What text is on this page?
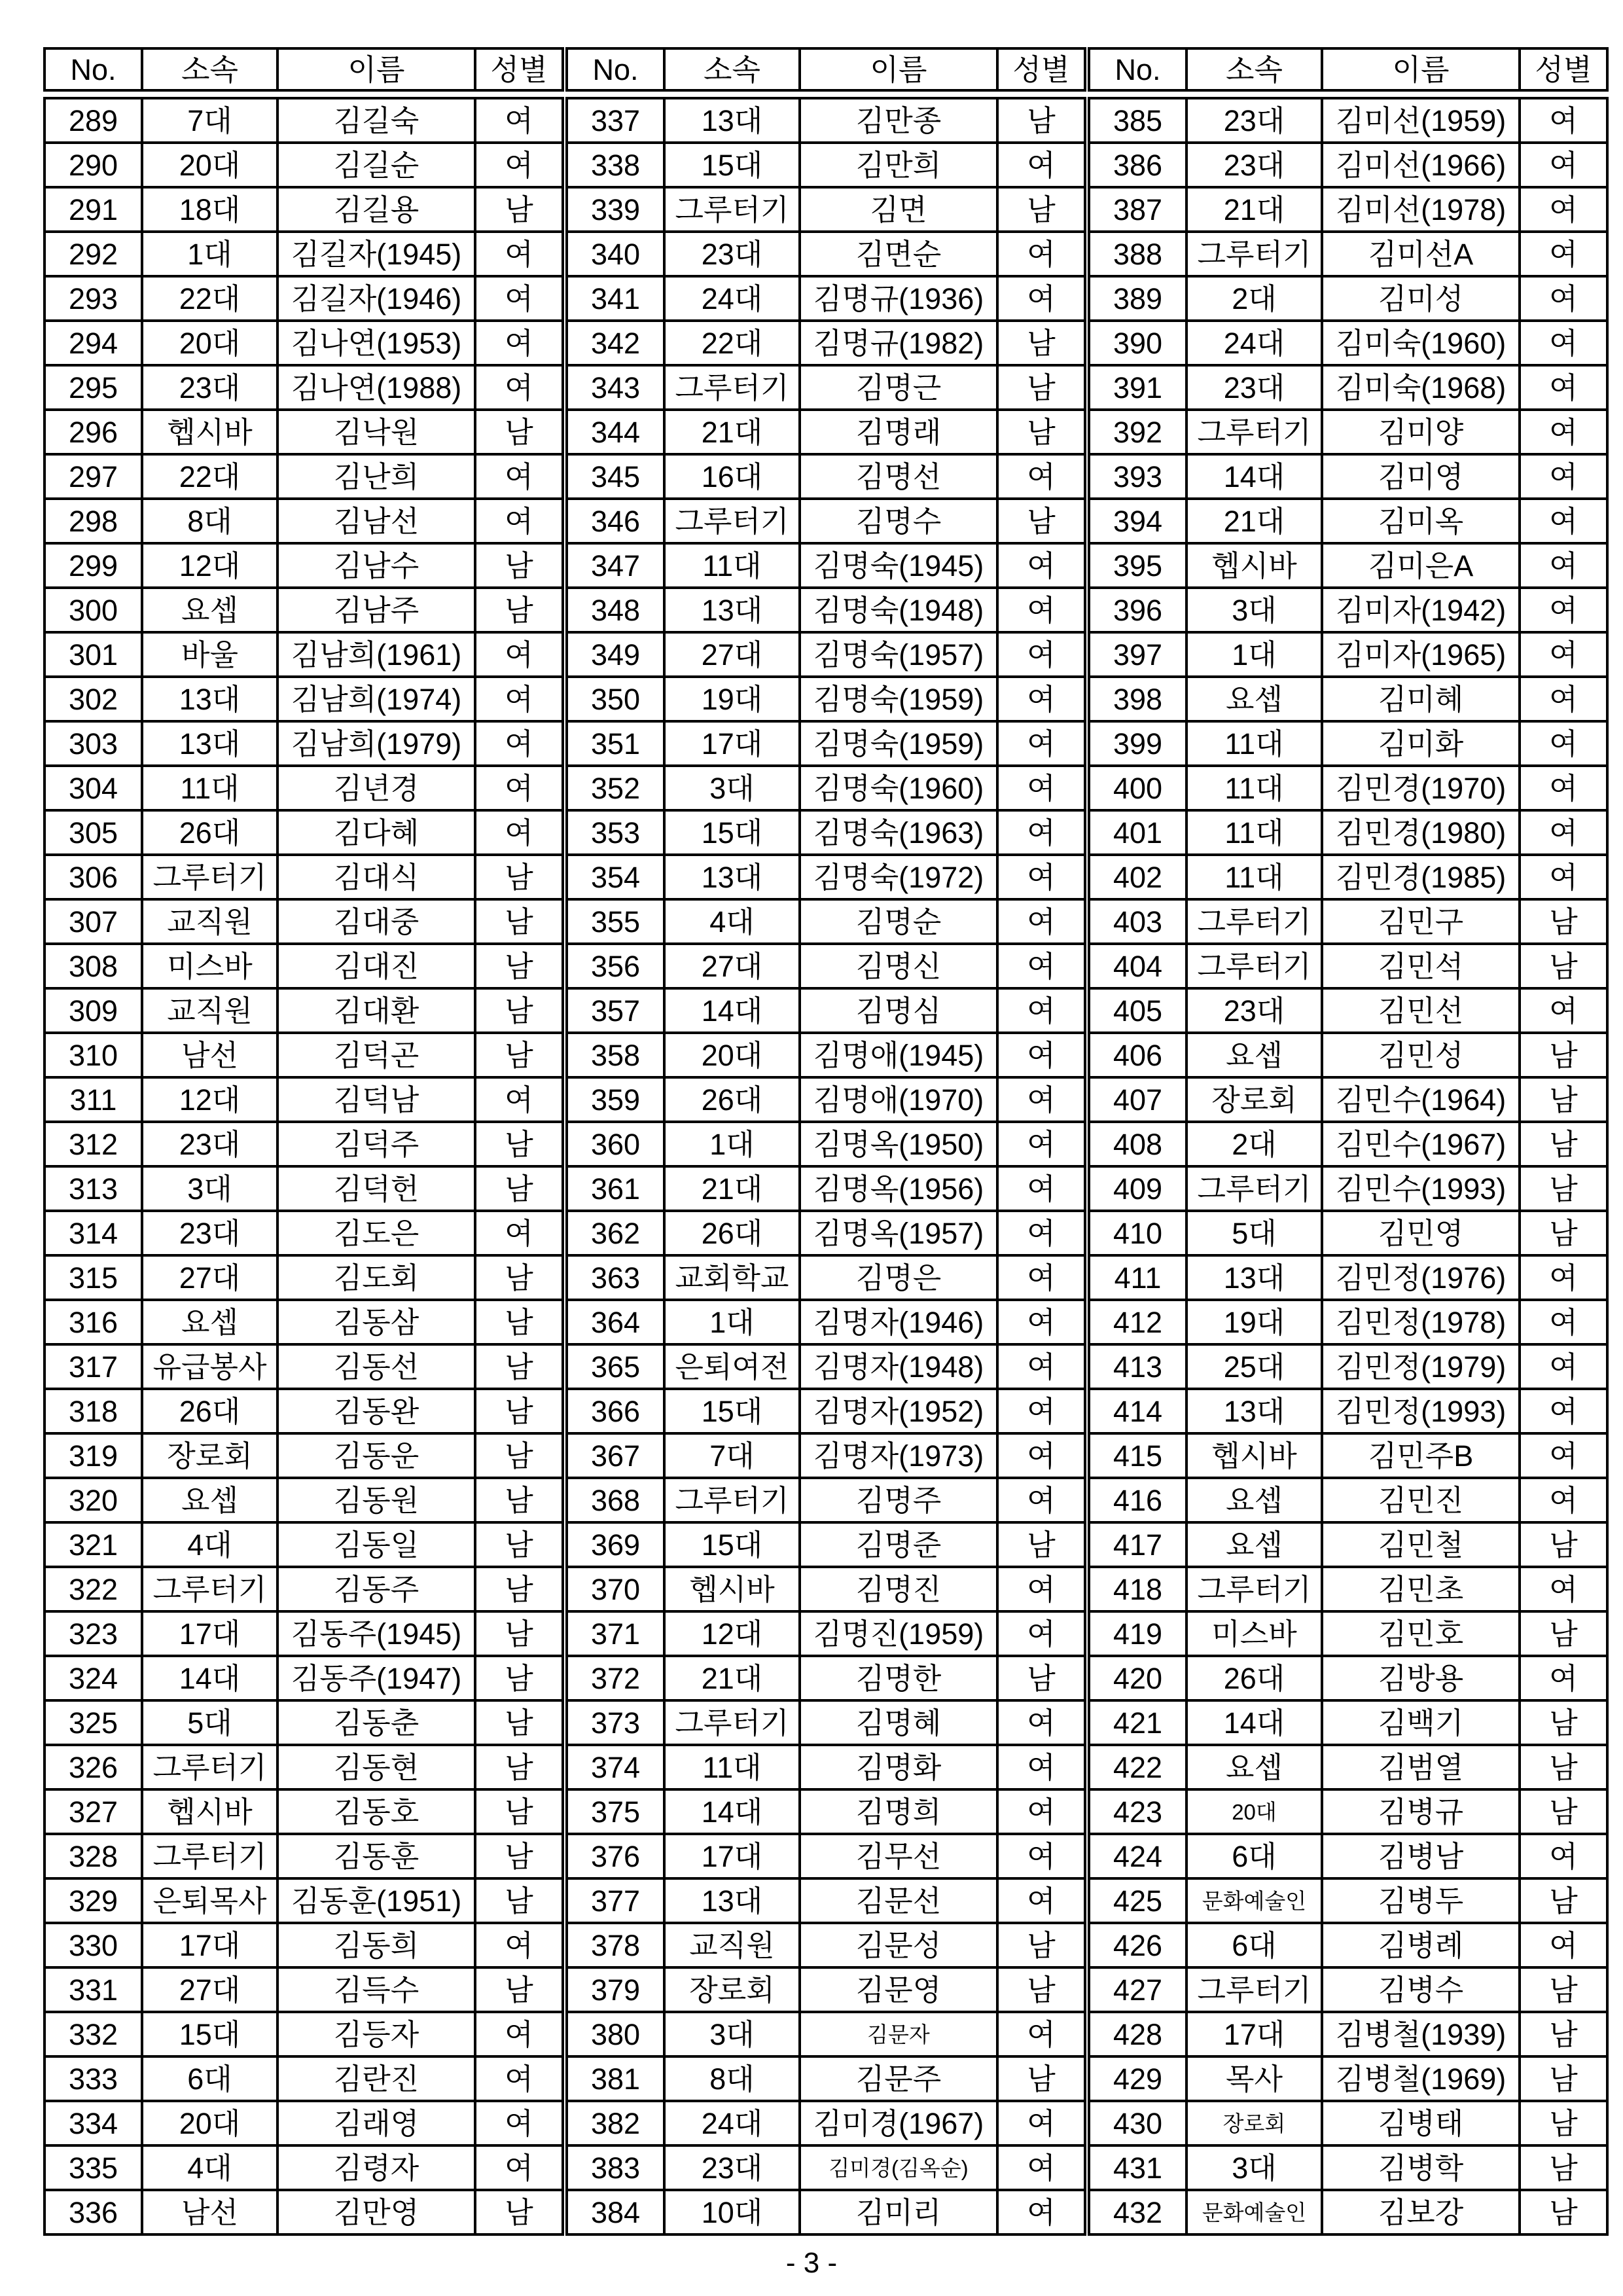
No.	소속	이름	성별
289	7대	김길숙	여
290	20대	김길순	여
291	18대	김길용	남
292	1대	김길자(1945)	여
293	22대	김길자(1946)	여
294	20대	김나연(1953)	여
295	23대	김나연(1988)	여
296	헵시바	김낙원	남
297	22대	김난희	여
298	8대	김남선	여
299	12대	김남수	남
300	요셉	김남주	남
301	바울	김남희(1961)	여
302	13대	김남희(1974)	여
303	13대	김남희(1979)	여
304	11대	김년경	여
305	26대	김다혜	여
306	그루터기	김대식	남
307	교직원	김대중	남
308	미스바	김대진	남
309	교직원	김대환	남
310	남선	김덕곤	남
311	12대	김덕남	여
312	23대	김덕주	남
313	3대	김덕헌	남
314	23대	김도은	여
315	27대	김도회	남
316	요셉	김동삼	남
317	유급봉사	김동선	남
318	26대	김동완	남
319	장로회	김동운	남
320	요셉	김동원	남
321	4대	김동일	남
322	그루터기	김동주	남
323	17대	김동주(1945)	남
324	14대	김동주(1947)	남
325	5대	김동춘	남
326	그루터기	김동현	남
327	헵시바	김동호	남
328	그루터기	김동훈	남
329	은퇴목사	김동훈(1951)	남
330	17대	김동희	여
331	27대	김득수	남
332	15대	김등자	여
333	6대	김란진	여
334	20대	김래영	여
335	4대	김령자	여
336	남선	김만영	남
No.	소속	이름	성별
337	13대	김만종	남
338	15대	김만희	여
339	그루터기	김면	남
340	23대	김면순	여
341	24대	김명규(1936)	여
342	22대	김명규(1982)	남
343	그루터기	김명근	남
344	21대	김명래	남
345	16대	김명선	여
346	그루터기	김명수	남
347	11대	김명숙(1945)	여
348	13대	김명숙(1948)	여
349	27대	김명숙(1957)	여
350	19대	김명숙(1959)	여
351	17대	김명숙(1959)	여
352	3대	김명숙(1960)	여
353	15대	김명숙(1963)	여
354	13대	김명숙(1972)	여
355	4대	김명순	여
356	27대	김명신	여
357	14대	김명심	여
358	20대	김명애(1945)	여
359	26대	김명애(1970)	여
360	1대	김명옥(1950)	여
361	21대	김명옥(1956)	여
362	26대	김명옥(1957)	여
363	교회학교	김명은	여
364	1대	김명자(1946)	여
365	은퇴여전	김명자(1948)	여
366	15대	김명자(1952)	여
367	7대	김명자(1973)	여
368	그루터기	김명주	여
369	15대	김명준	남
370	헵시바	김명진	여
371	12대	김명진(1959)	여
372	21대	김명한	남
373	그루터기	김명혜	여
374	11대	김명화	여
375	14대	김명희	여
376	17대	김무선	여
377	13대	김문선	여
378	교직원	김문성	남
379	장로회	김문영	남
380	3대	김문자	여
381	8대	김문주	남
382	24대	김미경(1967)	여
383	23대	김미경(김옥순)	여
384	10대	김미리	여
No.	소속	이름	성별
385	23대	김미선(1959)	여
386	23대	김미선(1966)	여
387	21대	김미선(1978)	여
388	그루터기	김미선A	여
389	2대	김미성	여
390	24대	김미숙(1960)	여
391	23대	김미숙(1968)	여
392	그루터기	김미양	여
393	14대	김미영	여
394	21대	김미옥	여
395	헵시바	김미은A	여
396	3대	김미자(1942)	여
397	1대	김미자(1965)	여
398	요셉	김미혜	여
399	11대	김미화	여
400	11대	김민경(1970)	여
401	11대	김민경(1980)	여
402	11대	김민경(1985)	여
403	그루터기	김민구	남
404	그루터기	김민석	남
405	23대	김민선	여
406	요셉	김민성	남
407	장로회	김민수(1964)	남
408	2대	김민수(1967)	남
409	그루터기	김민수(1993)	남
410	5대	김민영	남
411	13대	김민정(1976)	여
412	19대	김민정(1978)	여
413	25대	김민정(1979)	여
414	13대	김민정(1993)	여
415	헵시바	김민주B	여
416	요셉	김민진	여
417	요셉	김민철	남
418	그루터기	김민초	여
419	미스바	김민호	남
420	26대	김방용	여
421	14대	김백기	남
422	요셉	김범열	남
423	20대	김병규	남
424	6대	김병남	여
425	문화예술인	김병두	남
426	6대	김병례	여
427	그루터기	김병수	남
428	17대	김병철(1939)	남
429	목사	김병철(1969)	남
430	장로회	김병태	남
431	3대	김병학	남
432	문화예술인	김보강	남
- 3 -
